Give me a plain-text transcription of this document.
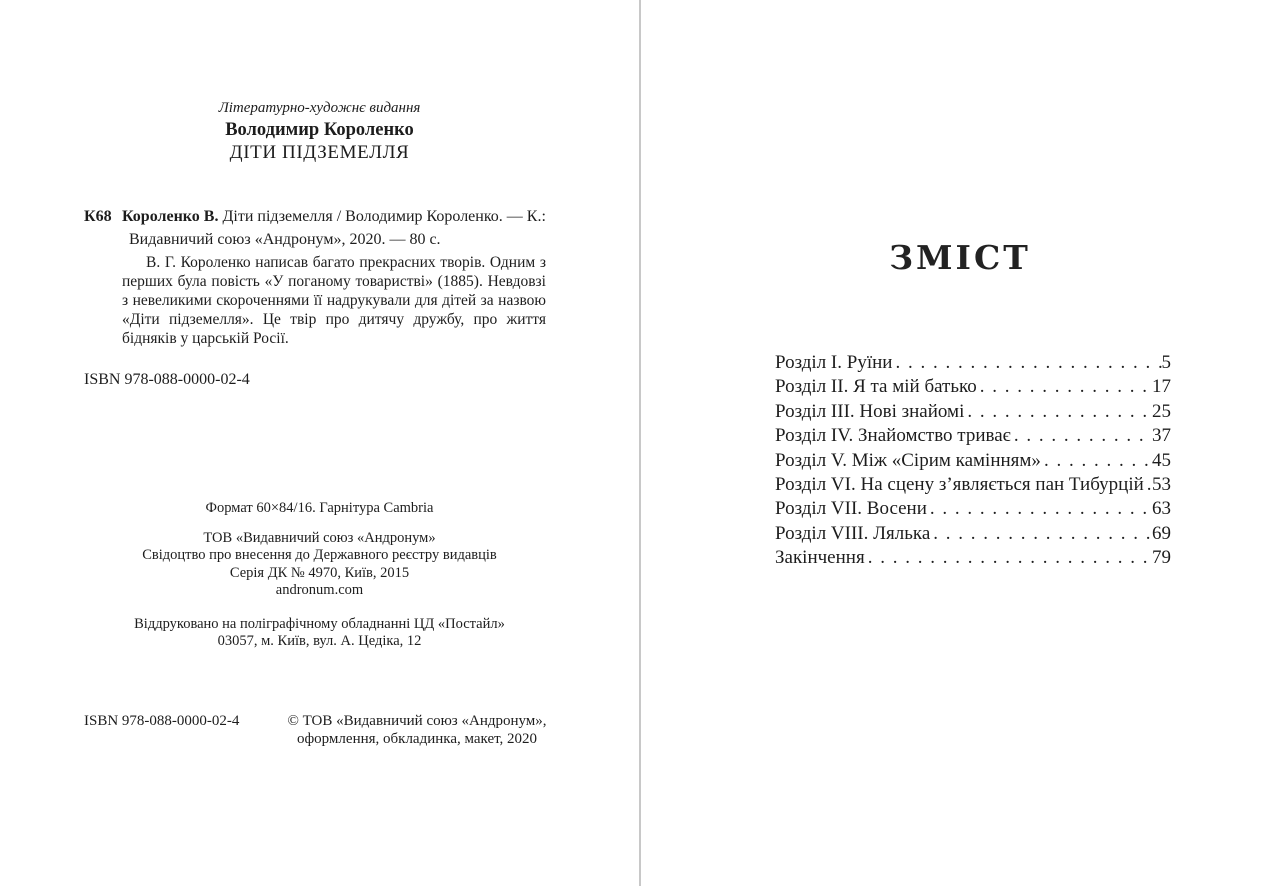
Літературно-художнє видання
Володимир Короленко
ДІТИ ПІДЗЕМЕЛЛЯ
К68 Короленко В. Діти підземелля / Володимир Короленко. — К.:
Видавничий союз «Андронум», 2020. — 80 с.
В. Г. Короленко написав багато прекрасних творів. Одним з перших була повість «У поганому товаристві» (1885). Невдовзі з невеликими скороченнями її надрукували для дітей за назвою «Діти підземелля». Це твір про дитячу дружбу, про життя бідняків у царській Росії.
ISBN 978-088-0000-02-4
Формат 60×84/16. Гарнітура Cambria
ТОВ «Видавничий союз «Андронум»
Свідоцтво про внесення до Державного реєстру видавців
Серія ДК № 4970, Київ, 2015
andronum.com
Віддруковано на поліграфічному обладнанні ЦД «Постайл»
03057, м. Київ, вул. А. Цедіка, 12
ISBN 978-088-0000-02-4	© ТОВ «Видавничий союз «Андронум»,
оформлення, обкладинка, макет, 2020
ЗМІСТ
Розділ I. Руїни . . .	5
Розділ II. Я та мій батько . . .	17
Розділ III. Нові знайомі . . .	25
Розділ IV. Знайомство триває . . .	37
Розділ V. Між «Сірим камінням» . . .	45
Розділ VI. На сцену з’являється пан Тибурцій . . . 53
Розділ VII. Восени . . .	63
Розділ VIII. Лялька . . .	69
Закінчення . . .	79
